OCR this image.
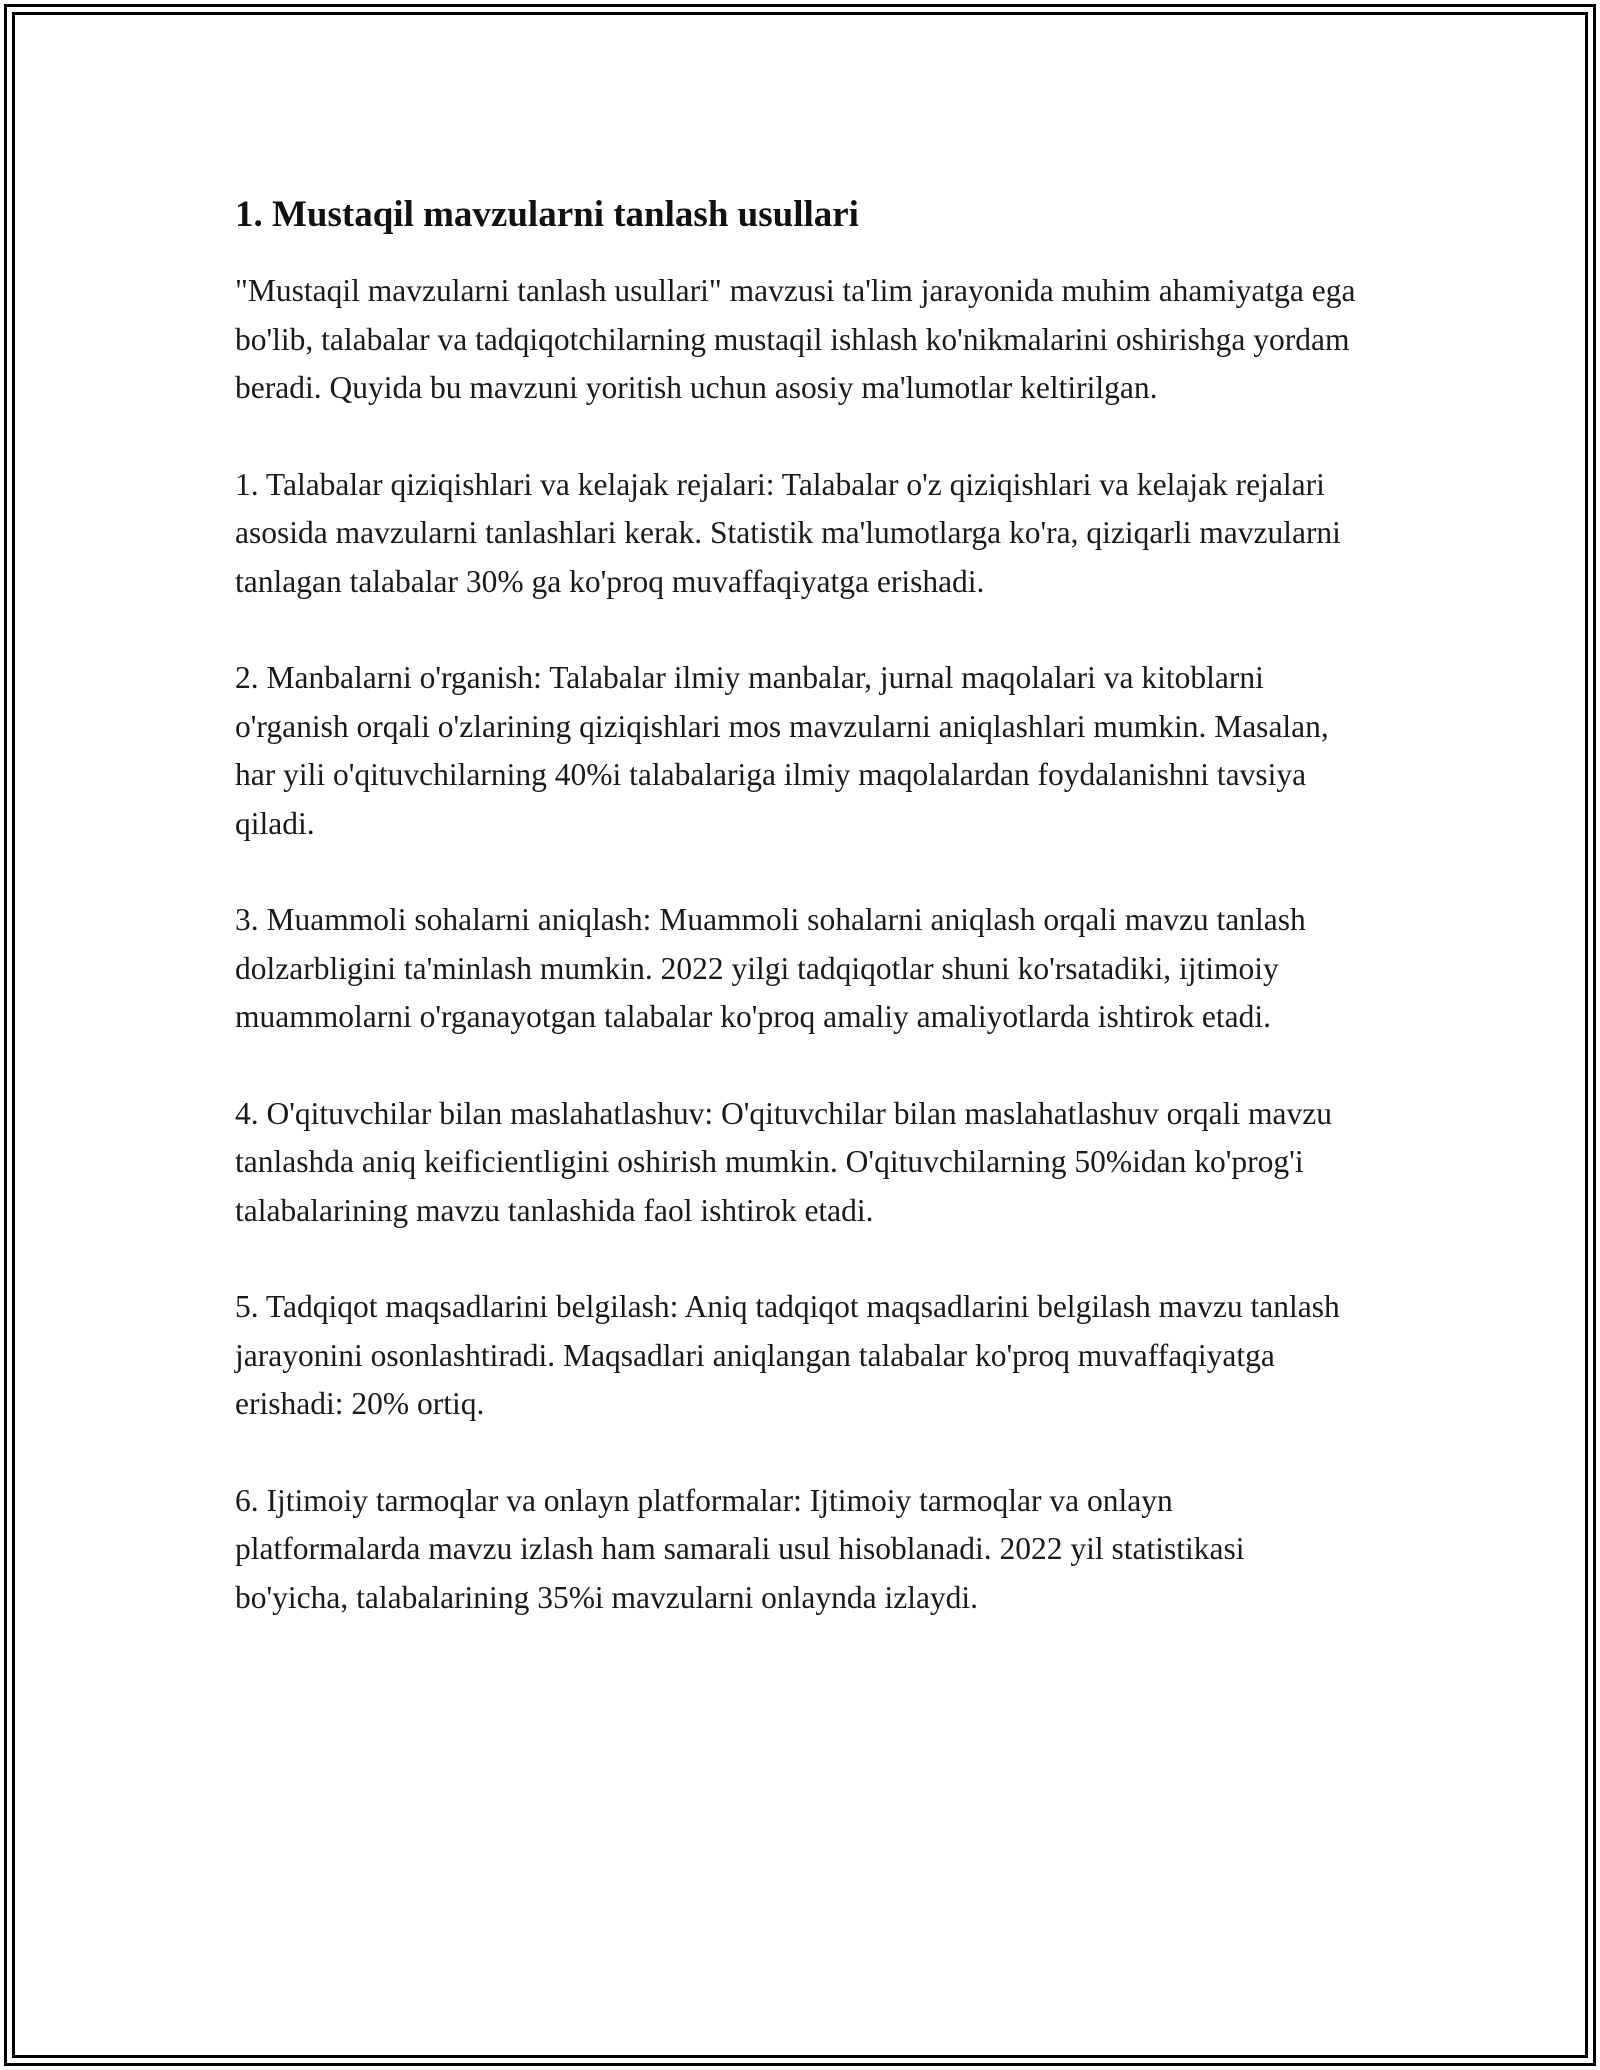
1. Mustaqil mavzularni tanlash usullari

"Mustaqil mavzularni tanlash usullari" mavzusi ta'lim jarayonida muhim ahamiyatga ega bo'lib, talabalar va tadqiqotchilarning mustaqil ishlash ko'nikmalarini oshirishga yordam beradi. Quyida bu mavzuni yoritish uchun asosiy ma'lumotlar keltirilgan.

1. Talabalar qiziqishlari va kelajak rejalari: Talabalar o'z qiziqishlari va kelajak rejalari asosida mavzularni tanlashlari kerak. Statistik ma'lumotlarga ko'ra, qiziqarli mavzularni tanlagan talabalar 30% ga ko'proq muvaffaqiyatga erishadi.

2. Manbalarni o'rganish: Talabalar ilmiy manbalar, jurnal maqolalari va kitoblarni o'rganish orqali o'zlarining qiziqishlari mos mavzularni aniqlashlari mumkin. Masalan, har yili o'qituvchilarning 40%i talabalariga ilmiy maqolalardan foydalanishni tavsiya qiladi.

3. Muammoli sohalarni aniqlash: Muammoli sohalarni aniqlash orqali mavzu tanlash dolzarbligini ta'minlash mumkin. 2022 yilgi tadqiqotlar shuni ko'rsatadiki, ijtimoiy muammolarni o'rganayotgan talabalar ko'proq amaliy amaliyotlarda ishtirok etadi.

4. O'qituvchilar bilan maslahatlashuv: O'qituvchilar bilan maslahatlashuv orqali mavzu tanlashda aniq keificientligini oshirish mumkin. O'qituvchilarning 50%idan ko'prog'i talabalarining mavzu tanlashida faol ishtirok etadi.

5. Tadqiqot maqsadlarini belgilash: Aniq tadqiqot maqsadlarini belgilash mavzu tanlash jarayonini osonlashtiradi. Maqsadlari aniqlangan talabalar ko'proq muvaffaqiyatga erishadi: 20% ortiq.

6. Ijtimoiy tarmoqlar va onlayn platformalar: Ijtimoiy tarmoqlar va onlayn platformalarda mavzu izlash ham samarali usul hisoblanadi. 2022 yil statistikasi bo'yicha, talabalarining 35%i mavzularni onlaynda izlaydi.
